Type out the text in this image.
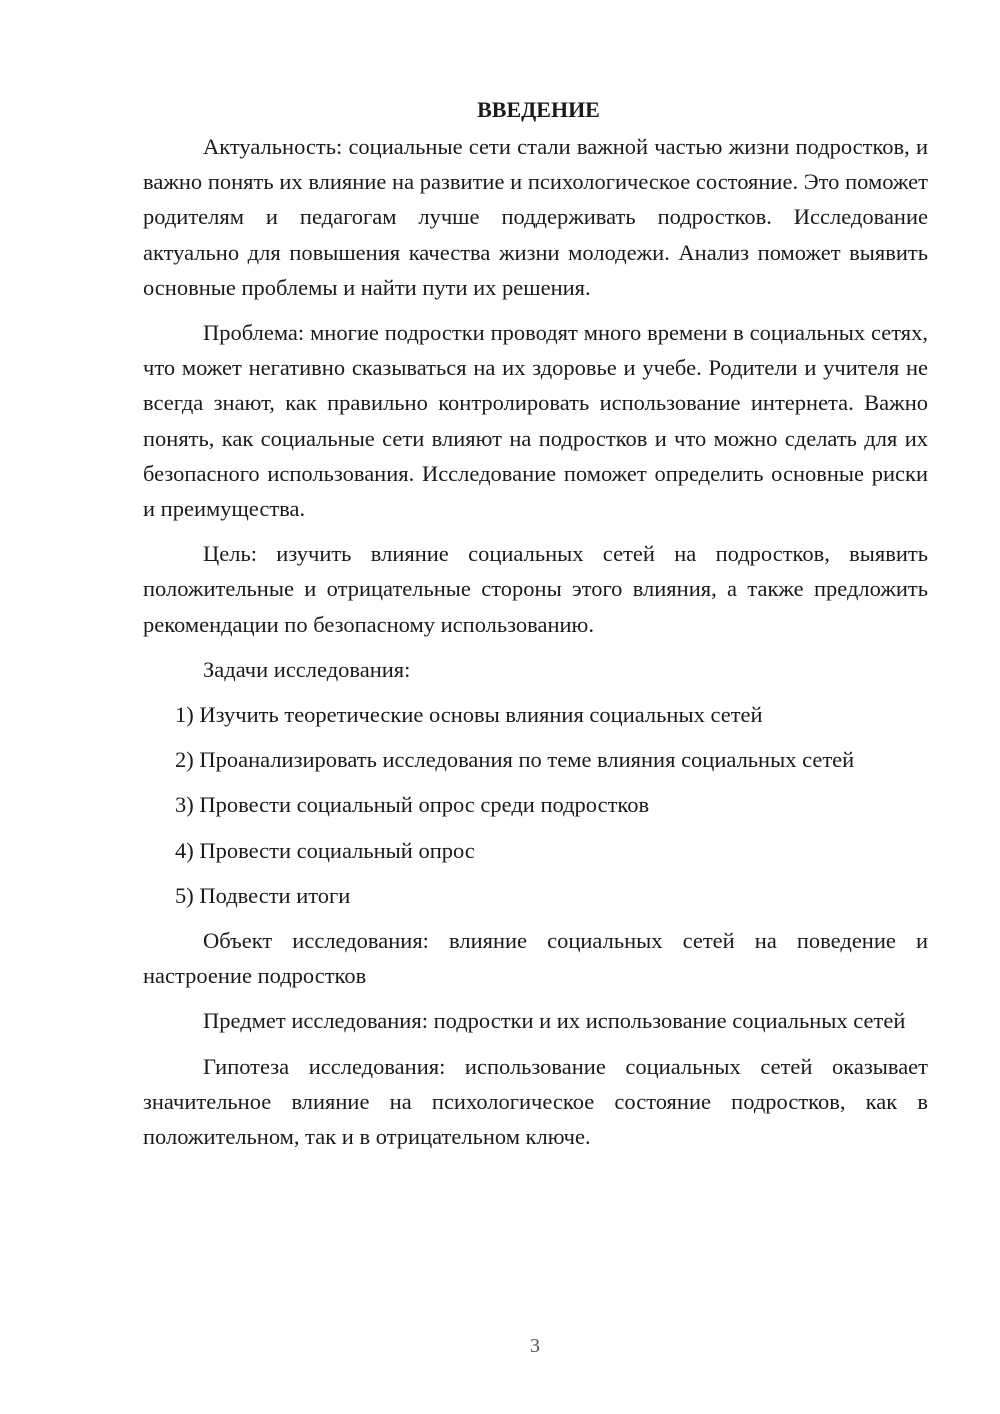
ВВЕДЕНИЕ

Актуальность: социальные сети стали важной частью жизни подростков, и важно понять их влияние на развитие и психологическое состояние. Это поможет родителям и педагогам лучше поддерживать подростков. Исследование актуально для повышения качества жизни молодежи. Анализ поможет выявить основные проблемы и найти пути их решения.

Проблема: многие подростки проводят много времени в социальных сетях, что может негативно сказываться на их здоровье и учебе. Родители и учителя не всегда знают, как правильно контролировать использование интернета. Важно понять, как социальные сети влияют на подростков и что можно сделать для их безопасного использования. Исследование поможет определить основные риски и преимущества.

Цель: изучить влияние социальных сетей на подростков, выявить положительные и отрицательные стороны этого влияния, а также предложить рекомендации по безопасному использованию.

Задачи исследования:

1) Изучить теоретические основы влияния социальных сетей
2) Проанализировать исследования по теме влияния социальных сетей
3) Провести социальный опрос среди подростков
4) Провести социальный опрос
5) Подвести итоги

Объект исследования: влияние социальных сетей на поведение и настроение подростков

Предмет исследования: подростки и их использование социальных сетей

Гипотеза исследования: использование социальных сетей оказывает значительное влияние на психологическое состояние подростков, как в положительном, так и в отрицательном ключе.

3
